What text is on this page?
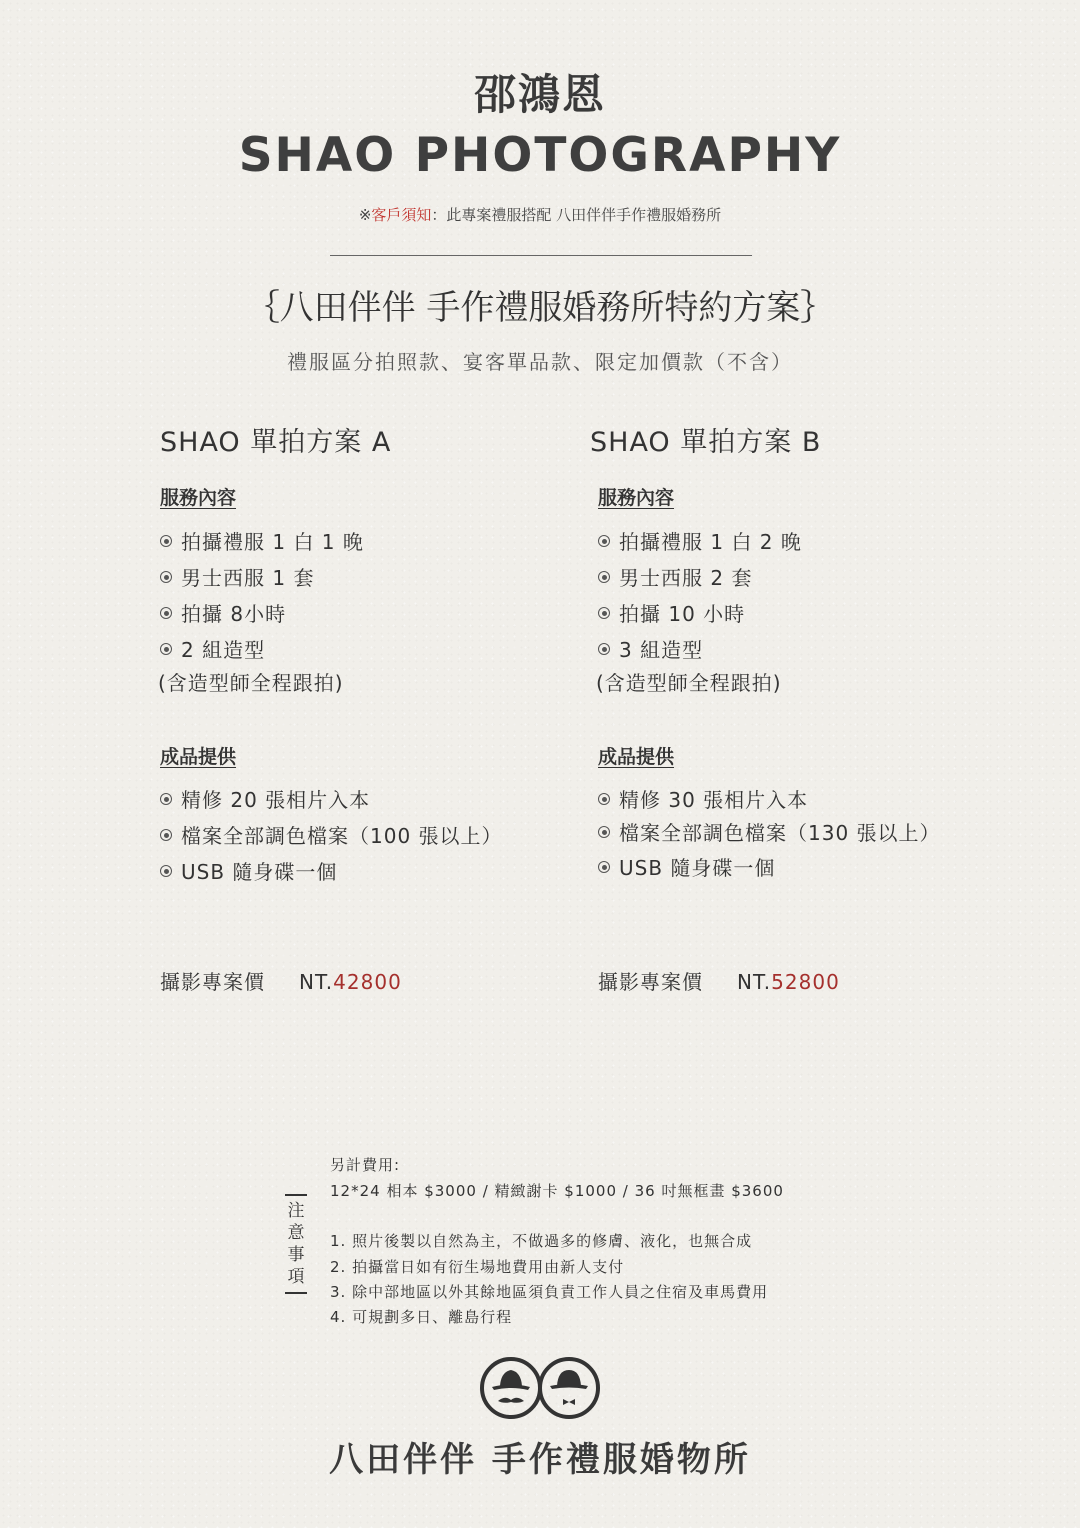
邵鴻恩
SHAO PHOTOGRAPHY
※客戶須知：此專案禮服搭配 八田伴伴手作禮服婚務所
｛八田伴伴 手作禮服婚務所特約方案｝
禮服區分拍照款、宴客單品款、限定加價款（不含）
SHAO 單拍方案 A
服務內容
拍攝禮服 1 白 1 晚
男士西服 1 套
拍攝 8小時
2 組造型
(含造型師全程跟拍)
成品提供
精修 20 張相片入本
檔案全部調色檔案（100 張以上）
USB 隨身碟一個
攝影專案價 NT.42800
SHAO 單拍方案 B
服務內容
拍攝禮服 1 白 2 晚
男士西服 2 套
拍攝 10 小時
3 組造型
(含造型師全程跟拍)
成品提供
精修 30 張相片入本
檔案全部調色檔案（130 張以上）
USB 隨身碟一個
攝影專案價 NT.52800
注
意
事
項
另計費用:
12*24 相本 $3000 / 精緻謝卡 $1000 / 36 吋無框畫 $3600
1. 照片後製以自然為主，不做過多的修膚、液化，也無合成
2. 拍攝當日如有衍生場地費用由新人支付
3. 除中部地區以外其餘地區須負責工作人員之住宿及車馬費用
4. 可規劃多日、離島行程
八田伴伴 手作禮服婚物所
